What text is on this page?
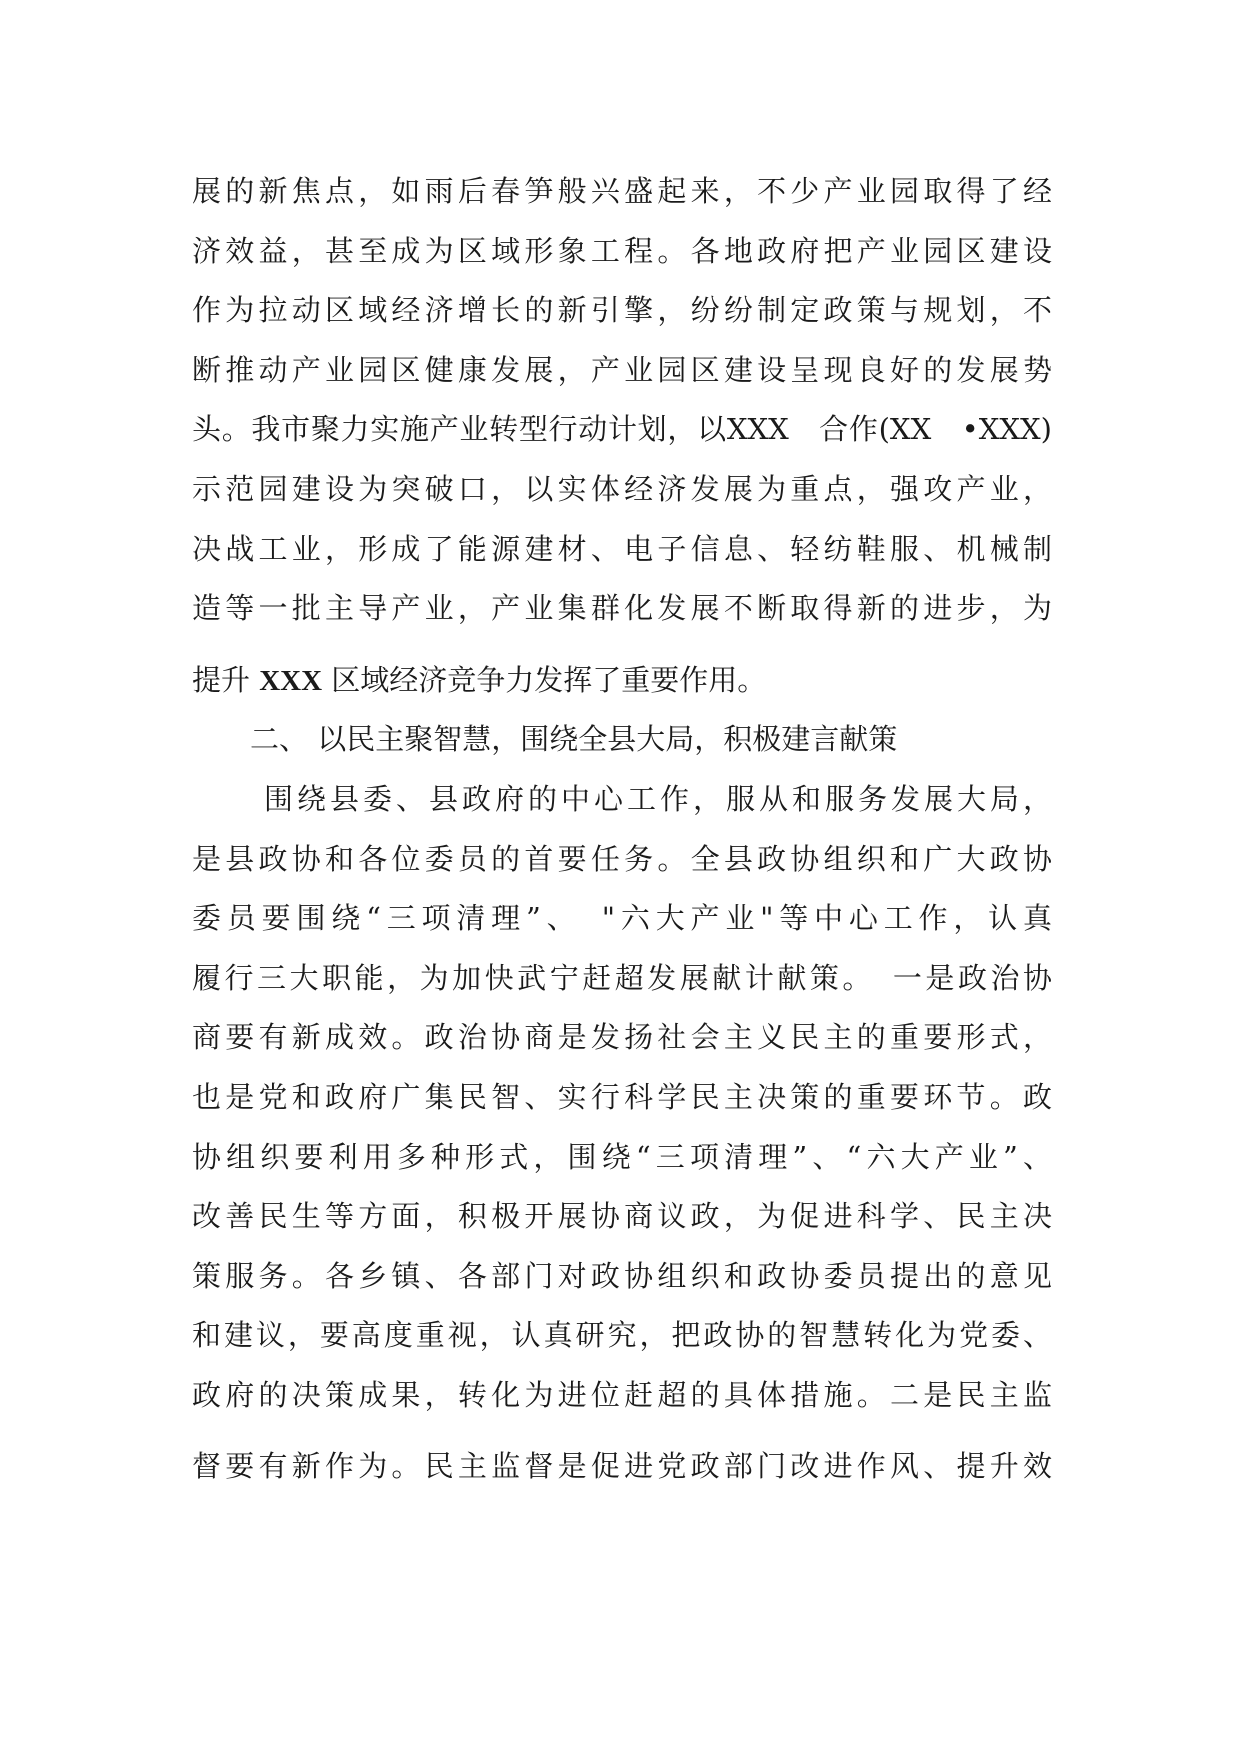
展的新焦点，如雨后春笋般兴盛起来，不少产业园取得了经
济效益，甚至成为区域形象工程。各地政府把产业园区建设
作为拉动区域经济增长的新引擎，纷纷制定政策与规划，不
断推动产业园区健康发展，产业园区建设呈现良好的发展势
头。我市聚力实施产业转型行动计划，以XXX　合作(XX　•XXX)
示范园建设为突破口，以实体经济发展为重点，强攻产业，
决战工业，形成了能源建材、电子信息、轻纺鞋服、机械制
造等一批主导产业，产业集群化发展不断取得新的进步，为
提升 XXX 区域经济竞争力发挥了重要作用。
二、 以民主聚智慧，围绕全县大局，积极建言献策
围绕县委、县政府的中心工作，服从和服务发展大局，
是县政协和各位委员的首要任务。全县政协组织和广大政协
委员要围绕“三项清理”、　"六大产业"等中心工作，认真
履行三大职能，为加快武宁赶超发展献计献策。　一是政治协
商要有新成效。政治协商是发扬社会主义民主的重要形式，
也是党和政府广集民智、实行科学民主决策的重要环节。政
协组织要利用多种形式，围绕“三项清理”、“六大产业”、
改善民生等方面，积极开展协商议政，为促进科学、民主决
策服务。各乡镇、各部门对政协组织和政协委员提出的意见
和建议，要高度重视，认真研究，把政协的智慧转化为党委、
政府的决策成果，转化为进位赶超的具体措施。二是民主监
督要有新作为。民主监督是促进党政部门改进作风、提升效
